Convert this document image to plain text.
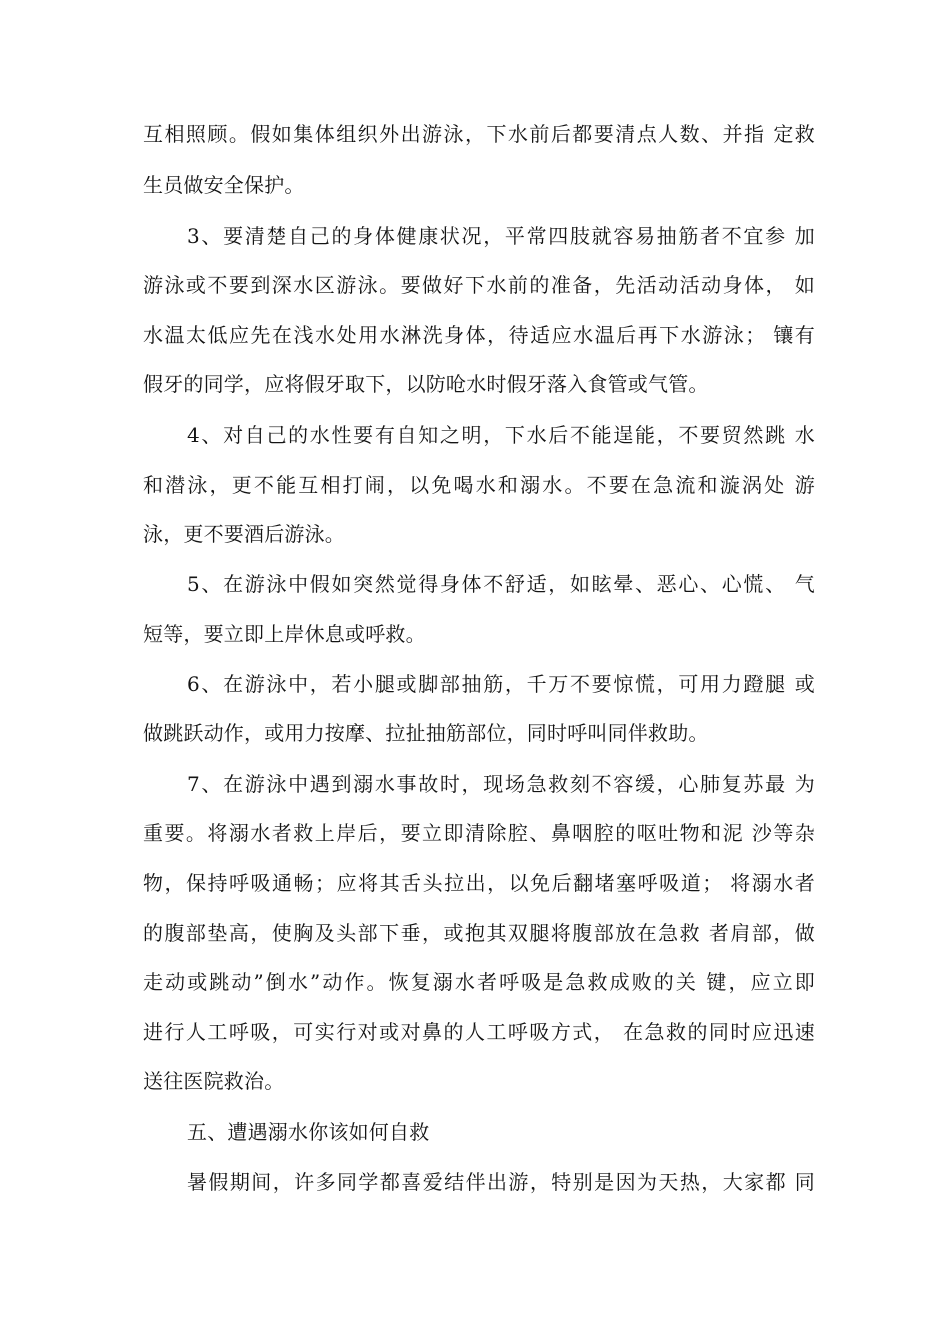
互相照顾。假如集体组织外出游泳，下水前后都要清点人数、并指 定救
生员做安全保护。
3、要清楚自己的身体健康状况，平常四肢就容易抽筋者不宜参 加
游泳或不要到深水区游泳。要做好下水前的准备，先活动活动身体， 如
水温太低应先在浅水处用水淋洗身体，待适应水温后再下水游泳； 镶有
假牙的同学，应将假牙取下，以防呛水时假牙落入食管或气管。
4、对自己的水性要有自知之明，下水后不能逞能，不要贸然跳 水
和潜泳，更不能互相打闹，以免喝水和溺水。不要在急流和漩涡处 游
泳，更不要酒后游泳。
5、在游泳中假如突然觉得身体不舒适，如眩晕、恶心、心慌、 气
短等，要立即上岸休息或呼救。
6、在游泳中，若小腿或脚部抽筋，千万不要惊慌，可用力蹬腿 或
做跳跃动作，或用力按摩、拉扯抽筋部位，同时呼叫同伴救助。
7、在游泳中遇到溺水事故时，现场急救刻不容缓，心肺复苏最 为
重要。将溺水者救上岸后，要立即清除腔、鼻咽腔的呕吐物和泥 沙等杂
物，保持呼吸通畅；应将其舌头拉出，以免后翻堵塞呼吸道； 将溺水者
的腹部垫高，使胸及头部下垂，或抱其双腿将腹部放在急救 者肩部，做
走动或跳动”倒水”动作。恢复溺水者呼吸是急救成败的关 键，应立即
进行人工呼吸，可实行对或对鼻的人工呼吸方式， 在急救的同时应迅速
送往医院救治。
五、遭遇溺水你该如何自救
暑假期间，许多同学都喜爱结伴出游，特别是因为天热，大家都 同
